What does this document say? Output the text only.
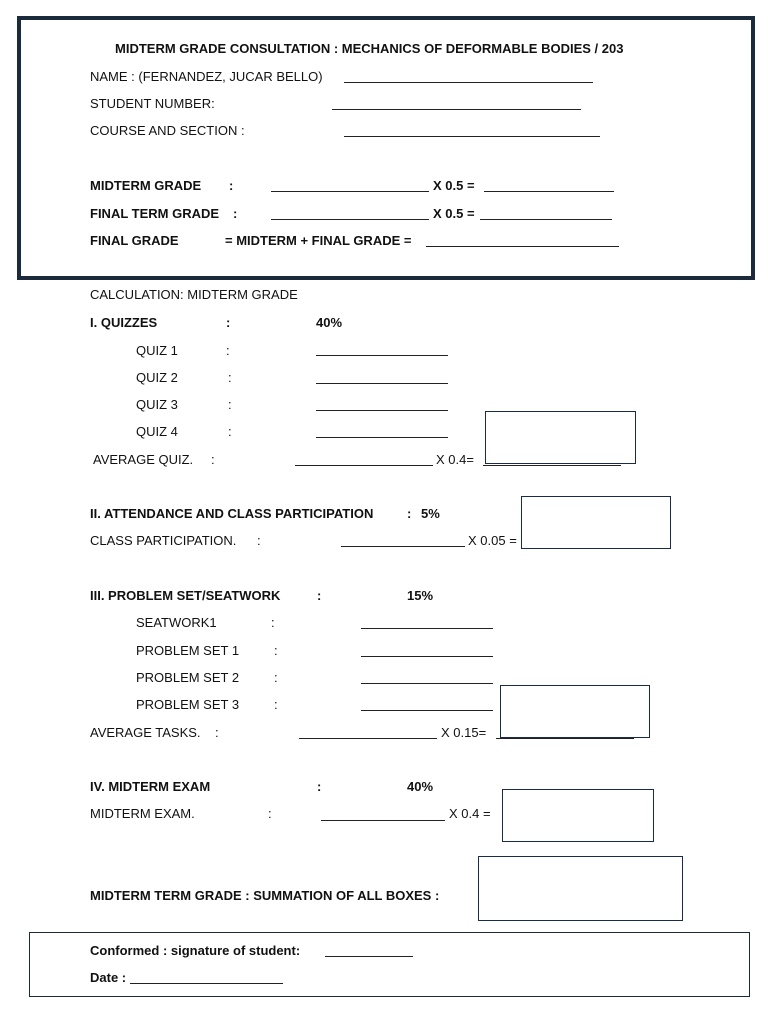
MIDTERM GRADE CONSULTATION : MECHANICS OF DEFORMABLE BODIES / 203
NAME : (FERNANDEZ, JUCAR BELLO)
STUDENT NUMBER:
COURSE AND SECTION :
MIDTERM GRADE :	X 0.5 =
FINAL TERM GRADE :	X 0.5 =
FINAL GRADE	= MIDTERM + FINAL GRADE =
CALCULATION: MIDTERM GRADE
I. QUIZZES	:	40%
QUIZ 1	:
QUIZ 2	:
QUIZ 3	:
QUIZ 4	:
AVERAGE QUIZ. :	X 0.4=
II. ATTENDANCE AND CLASS PARTICIPATION	: 5%
CLASS PARTICIPATION. :	X 0.05 =
III. PROBLEM SET/SEATWORK	:	15%
SEATWORK1	:
PROBLEM SET 1	:
PROBLEM SET 2	:
PROBLEM SET 3	:
AVERAGE TASKS. :	X 0.15=
IV. MIDTERM EXAM	:	40%
MIDTERM EXAM.	:	X 0.4 =
MIDTERM TERM GRADE : SUMMATION OF ALL BOXES :
Conformed : signature of student:
Date :
